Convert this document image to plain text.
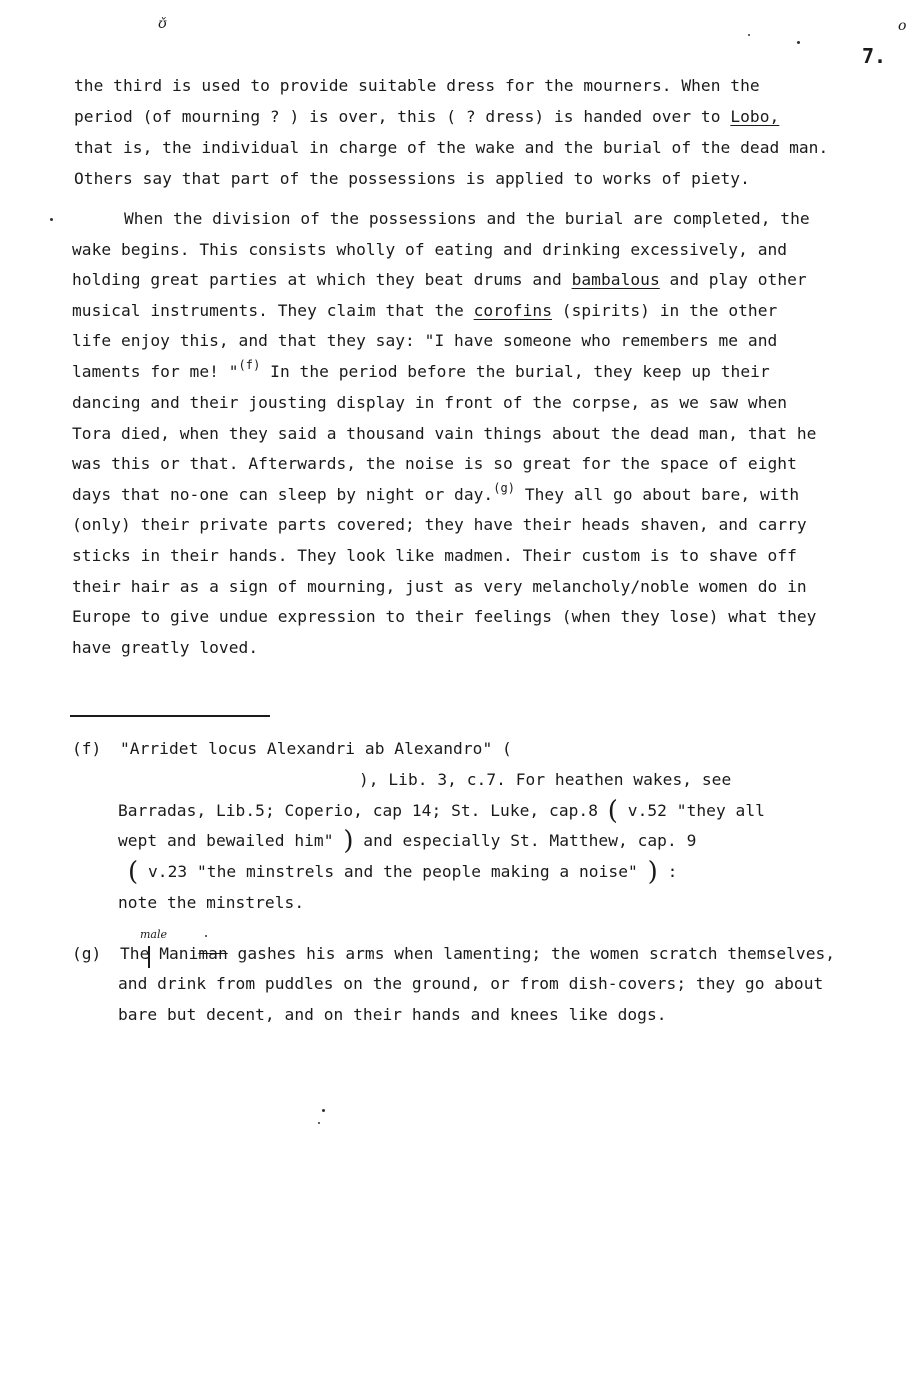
ʊ̌	ο
7.
the third is used to provide suitable dress for the mourners. When the
period (of mourning ? ) is over, this ( ? dress) is handed over to Lobo,
that is, the individual in charge of the wake and the burial of the dead man.
Others say that part of the possessions is applied to works of piety.
When the division of the possessions and the burial are completed, the
wake begins. This consists wholly of eating and drinking excessively, and
holding great parties at which they beat drums and bambalous and play other
musical instruments. They claim that the corofins (spirits) in the other
life enjoy this, and that they say: "I have someone who remembers me and
laments for me! "$^{(f)}$ In the period before the burial, they keep up their
dancing and their jousting display in front of the corpse, as we saw when
Tora died, when they said a thousand vain things about the dead man, that he
was this or that. Afterwards, the noise is so great for the space of eight
days that no-one can sleep by night or day.$^{(g)}$ They all go about bare, with
(only) their private parts covered; they have their heads shaven, and carry
sticks in their hands. They look like madmen. Their custom is to shave off
their hair as a sign of mourning, just as very melancholy/noble women do in
Europe to give undue expression to their feelings (when they lose) what they
have greatly loved.
(f) "Arridet locus Alexandri ab Alexandro" (
), Lib. 3, c.7. For heathen wakes, see
Barradas, Lib.5; Coperio, cap 14; St. Luke, cap.8 ( v.52 "they all
wept and bewailed him" ) and especially St. Matthew, cap. 9
( v.23 "the minstrels and the people making a noise" ) :
note the minstrels.
male
(g) The Maniman gashes his arms when lamenting; the women scratch themselves,
and drink from puddles on the ground, or from dish-covers; they go about
bare but decent, and on their hands and knees like dogs.
